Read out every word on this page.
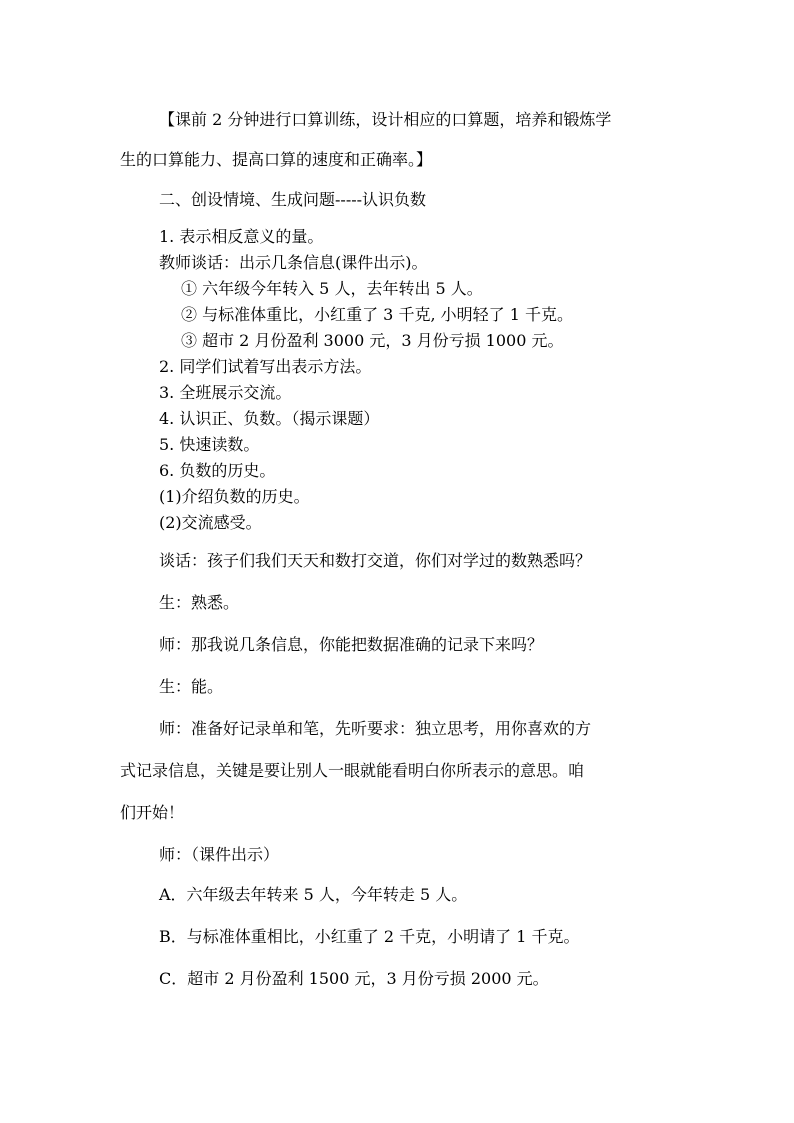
【课前 2 分钟进行口算训练，设计相应的口算题，培养和锻炼学
生的口算能力、提高口算的速度和正确率。】
二、创设情境、生成问题-----认识负数
1. 表示相反意义的量。
教师谈话：出示几条信息(课件出示)。
① 六年级今年转入 5 人，去年转出 5 人。
② 与标准体重比，小红重了 3 千克, 小明轻了 1 千克。
③ 超市 2 月份盈利 3000 元，3 月份亏损 1000 元。
2. 同学们试着写出表示方法。
3. 全班展示交流。
4. 认识正、负数。（揭示课题）
5. 快速读数。
6. 负数的历史。
(1)介绍负数的历史。
(2)交流感受。
谈话：孩子们我们天天和数打交道，你们对学过的数熟悉吗？
生：熟悉。
师：那我说几条信息，你能把数据准确的记录下来吗？
生：能。
师：准备好记录单和笔，先听要求：独立思考，用你喜欢的方
式记录信息，关键是要让别人一眼就能看明白你所表示的意思。咱
们开始！
师：（课件出示）
A．六年级去年转来 5 人，今年转走 5 人。
B．与标准体重相比，小红重了 2 千克，小明请了 1 千克。
C．超市 2 月份盈利 1500 元，3 月份亏损 2000 元。
